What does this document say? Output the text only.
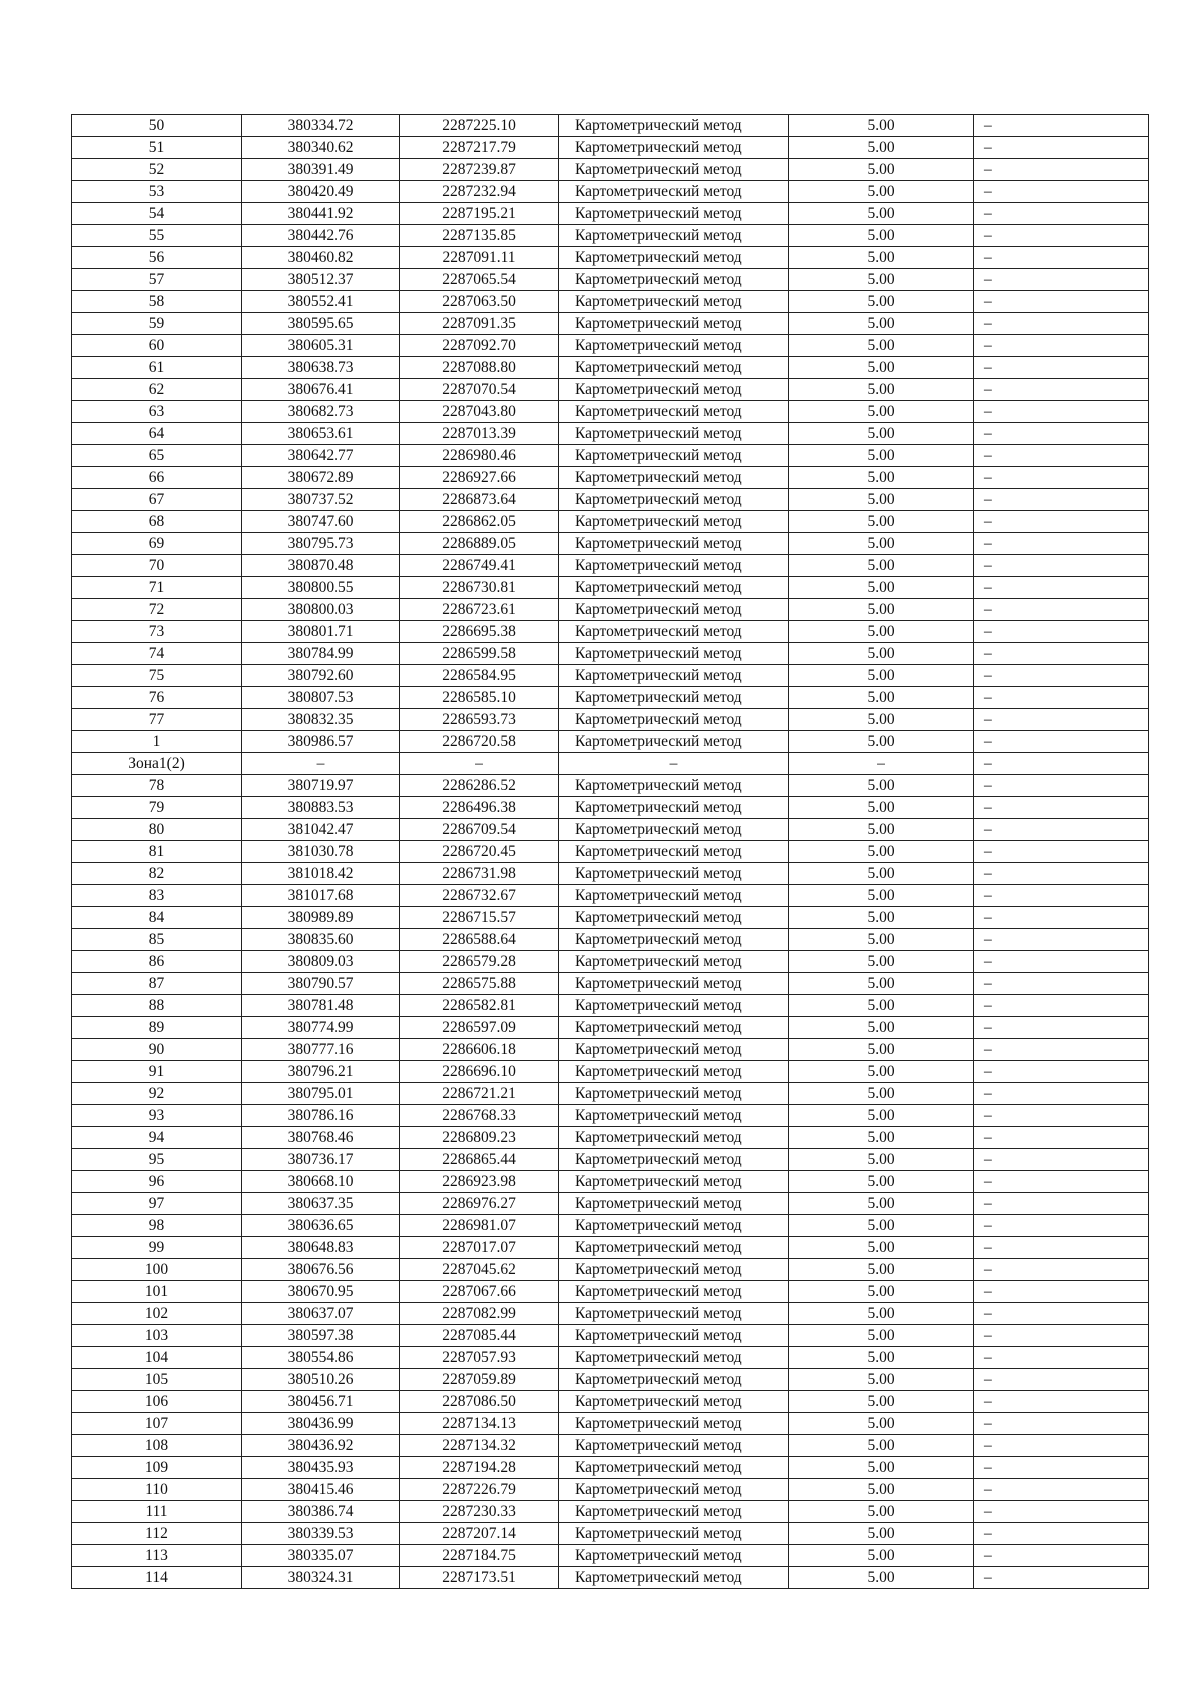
50	380334.72	2287225.10	Картометрический метод	5.00	–
51	380340.62	2287217.79	Картометрический метод	5.00	–
52	380391.49	2287239.87	Картометрический метод	5.00	–
53	380420.49	2287232.94	Картометрический метод	5.00	–
54	380441.92	2287195.21	Картометрический метод	5.00	–
55	380442.76	2287135.85	Картометрический метод	5.00	–
56	380460.82	2287091.11	Картометрический метод	5.00	–
57	380512.37	2287065.54	Картометрический метод	5.00	–
58	380552.41	2287063.50	Картометрический метод	5.00	–
59	380595.65	2287091.35	Картометрический метод	5.00	–
60	380605.31	2287092.70	Картометрический метод	5.00	–
61	380638.73	2287088.80	Картометрический метод	5.00	–
62	380676.41	2287070.54	Картометрический метод	5.00	–
63	380682.73	2287043.80	Картометрический метод	5.00	–
64	380653.61	2287013.39	Картометрический метод	5.00	–
65	380642.77	2286980.46	Картометрический метод	5.00	–
66	380672.89	2286927.66	Картометрический метод	5.00	–
67	380737.52	2286873.64	Картометрический метод	5.00	–
68	380747.60	2286862.05	Картометрический метод	5.00	–
69	380795.73	2286889.05	Картометрический метод	5.00	–
70	380870.48	2286749.41	Картометрический метод	5.00	–
71	380800.55	2286730.81	Картометрический метод	5.00	–
72	380800.03	2286723.61	Картометрический метод	5.00	–
73	380801.71	2286695.38	Картометрический метод	5.00	–
74	380784.99	2286599.58	Картометрический метод	5.00	–
75	380792.60	2286584.95	Картометрический метод	5.00	–
76	380807.53	2286585.10	Картометрический метод	5.00	–
77	380832.35	2286593.73	Картометрический метод	5.00	–
1	380986.57	2286720.58	Картометрический метод	5.00	–
Зона1(2)	–	–	–	–	–
78	380719.97	2286286.52	Картометрический метод	5.00	–
79	380883.53	2286496.38	Картометрический метод	5.00	–
80	381042.47	2286709.54	Картометрический метод	5.00	–
81	381030.78	2286720.45	Картометрический метод	5.00	–
82	381018.42	2286731.98	Картометрический метод	5.00	–
83	381017.68	2286732.67	Картометрический метод	5.00	–
84	380989.89	2286715.57	Картометрический метод	5.00	–
85	380835.60	2286588.64	Картометрический метод	5.00	–
86	380809.03	2286579.28	Картометрический метод	5.00	–
87	380790.57	2286575.88	Картометрический метод	5.00	–
88	380781.48	2286582.81	Картометрический метод	5.00	–
89	380774.99	2286597.09	Картометрический метод	5.00	–
90	380777.16	2286606.18	Картометрический метод	5.00	–
91	380796.21	2286696.10	Картометрический метод	5.00	–
92	380795.01	2286721.21	Картометрический метод	5.00	–
93	380786.16	2286768.33	Картометрический метод	5.00	–
94	380768.46	2286809.23	Картометрический метод	5.00	–
95	380736.17	2286865.44	Картометрический метод	5.00	–
96	380668.10	2286923.98	Картометрический метод	5.00	–
97	380637.35	2286976.27	Картометрический метод	5.00	–
98	380636.65	2286981.07	Картометрический метод	5.00	–
99	380648.83	2287017.07	Картометрический метод	5.00	–
100	380676.56	2287045.62	Картометрический метод	5.00	–
101	380670.95	2287067.66	Картометрический метод	5.00	–
102	380637.07	2287082.99	Картометрический метод	5.00	–
103	380597.38	2287085.44	Картометрический метод	5.00	–
104	380554.86	2287057.93	Картометрический метод	5.00	–
105	380510.26	2287059.89	Картометрический метод	5.00	–
106	380456.71	2287086.50	Картометрический метод	5.00	–
107	380436.99	2287134.13	Картометрический метод	5.00	–
108	380436.92	2287134.32	Картометрический метод	5.00	–
109	380435.93	2287194.28	Картометрический метод	5.00	–
110	380415.46	2287226.79	Картометрический метод	5.00	–
111	380386.74	2287230.33	Картометрический метод	5.00	–
112	380339.53	2287207.14	Картометрический метод	5.00	–
113	380335.07	2287184.75	Картометрический метод	5.00	–
114	380324.31	2287173.51	Картометрический метод	5.00	–
